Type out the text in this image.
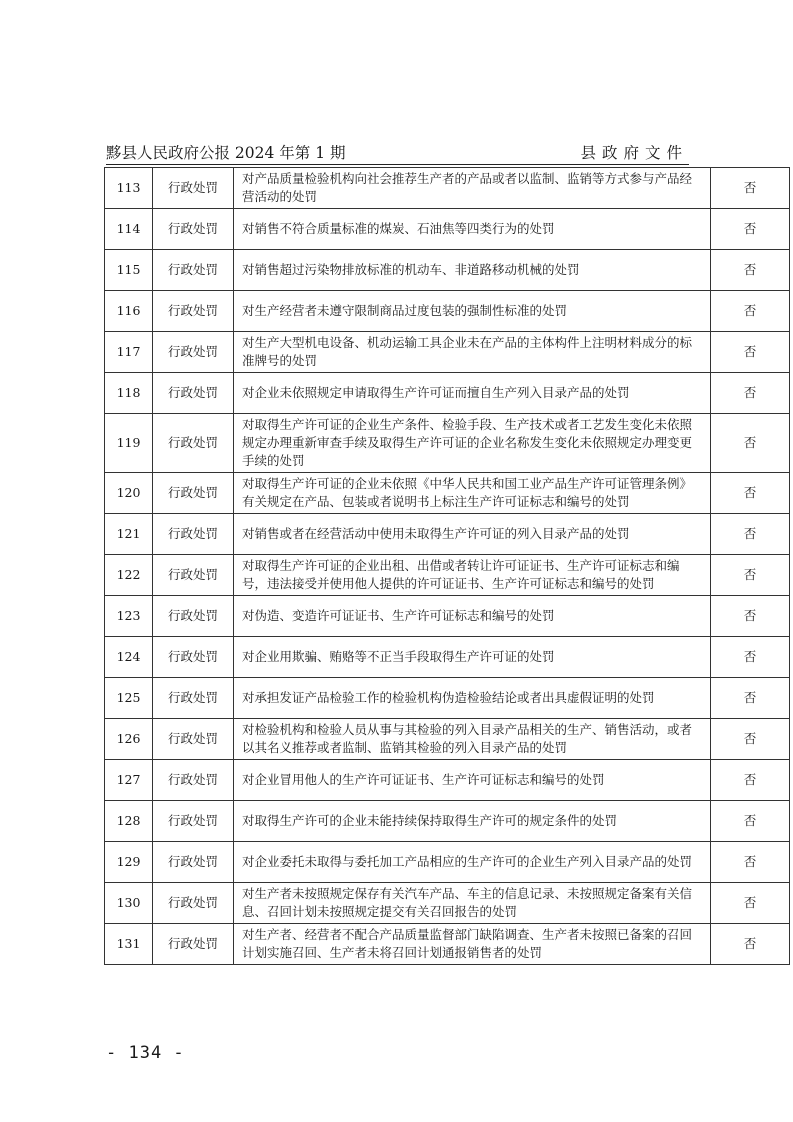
黟县人民政府公报 2024 年第 1 期	县政府文件
113	行政处罚	对产品质量检验机构向社会推荐生产者的产品或者以监制、监销等方式参与产品经营活动的处罚	否
114	行政处罚	对销售不符合质量标准的煤炭、石油焦等四类行为的处罚	否
115	行政处罚	对销售超过污染物排放标准的机动车、非道路移动机械的处罚	否
116	行政处罚	对生产经营者未遵守限制商品过度包装的强制性标准的处罚	否
117	行政处罚	对生产大型机电设备、机动运输工具企业未在产品的主体构件上注明材料成分的标准牌号的处罚	否
118	行政处罚	对企业未依照规定申请取得生产许可证而擅自生产列入目录产品的处罚	否
119	行政处罚	对取得生产许可证的企业生产条件、检验手段、生产技术或者工艺发生变化未依照规定办理重新审查手续及取得生产许可证的企业名称发生变化未依照规定办理变更手续的处罚	否
120	行政处罚	对取得生产许可证的企业未依照《中华人民共和国工业产品生产许可证管理条例》有关规定在产品、包装或者说明书上标注生产许可证标志和编号的处罚	否
121	行政处罚	对销售或者在经营活动中使用未取得生产许可证的列入目录产品的处罚	否
122	行政处罚	对取得生产许可证的企业出租、出借或者转让许可证证书、生产许可证标志和编号，违法接受并使用他人提供的许可证证书、生产许可证标志和编号的处罚	否
123	行政处罚	对伪造、变造许可证证书、生产许可证标志和编号的处罚	否
124	行政处罚	对企业用欺骗、贿赂等不正当手段取得生产许可证的处罚	否
125	行政处罚	对承担发证产品检验工作的检验机构伪造检验结论或者出具虚假证明的处罚	否
126	行政处罚	对检验机构和检验人员从事与其检验的列入目录产品相关的生产、销售活动，或者以其名义推荐或者监制、监销其检验的列入目录产品的处罚	否
127	行政处罚	对企业冒用他人的生产许可证证书、生产许可证标志和编号的处罚	否
128	行政处罚	对取得生产许可的企业未能持续保持取得生产许可的规定条件的处罚	否
129	行政处罚	对企业委托未取得与委托加工产品相应的生产许可的企业生产列入目录产品的处罚	否
130	行政处罚	对生产者未按照规定保存有关汽车产品、车主的信息记录、未按照规定备案有关信息、召回计划未按照规定提交有关召回报告的处罚	否
131	行政处罚	对生产者、经营者不配合产品质量监督部门缺陷调查、生产者未按照已备案的召回计划实施召回、生产者未将召回计划通报销售者的处罚	否
- 134 -
